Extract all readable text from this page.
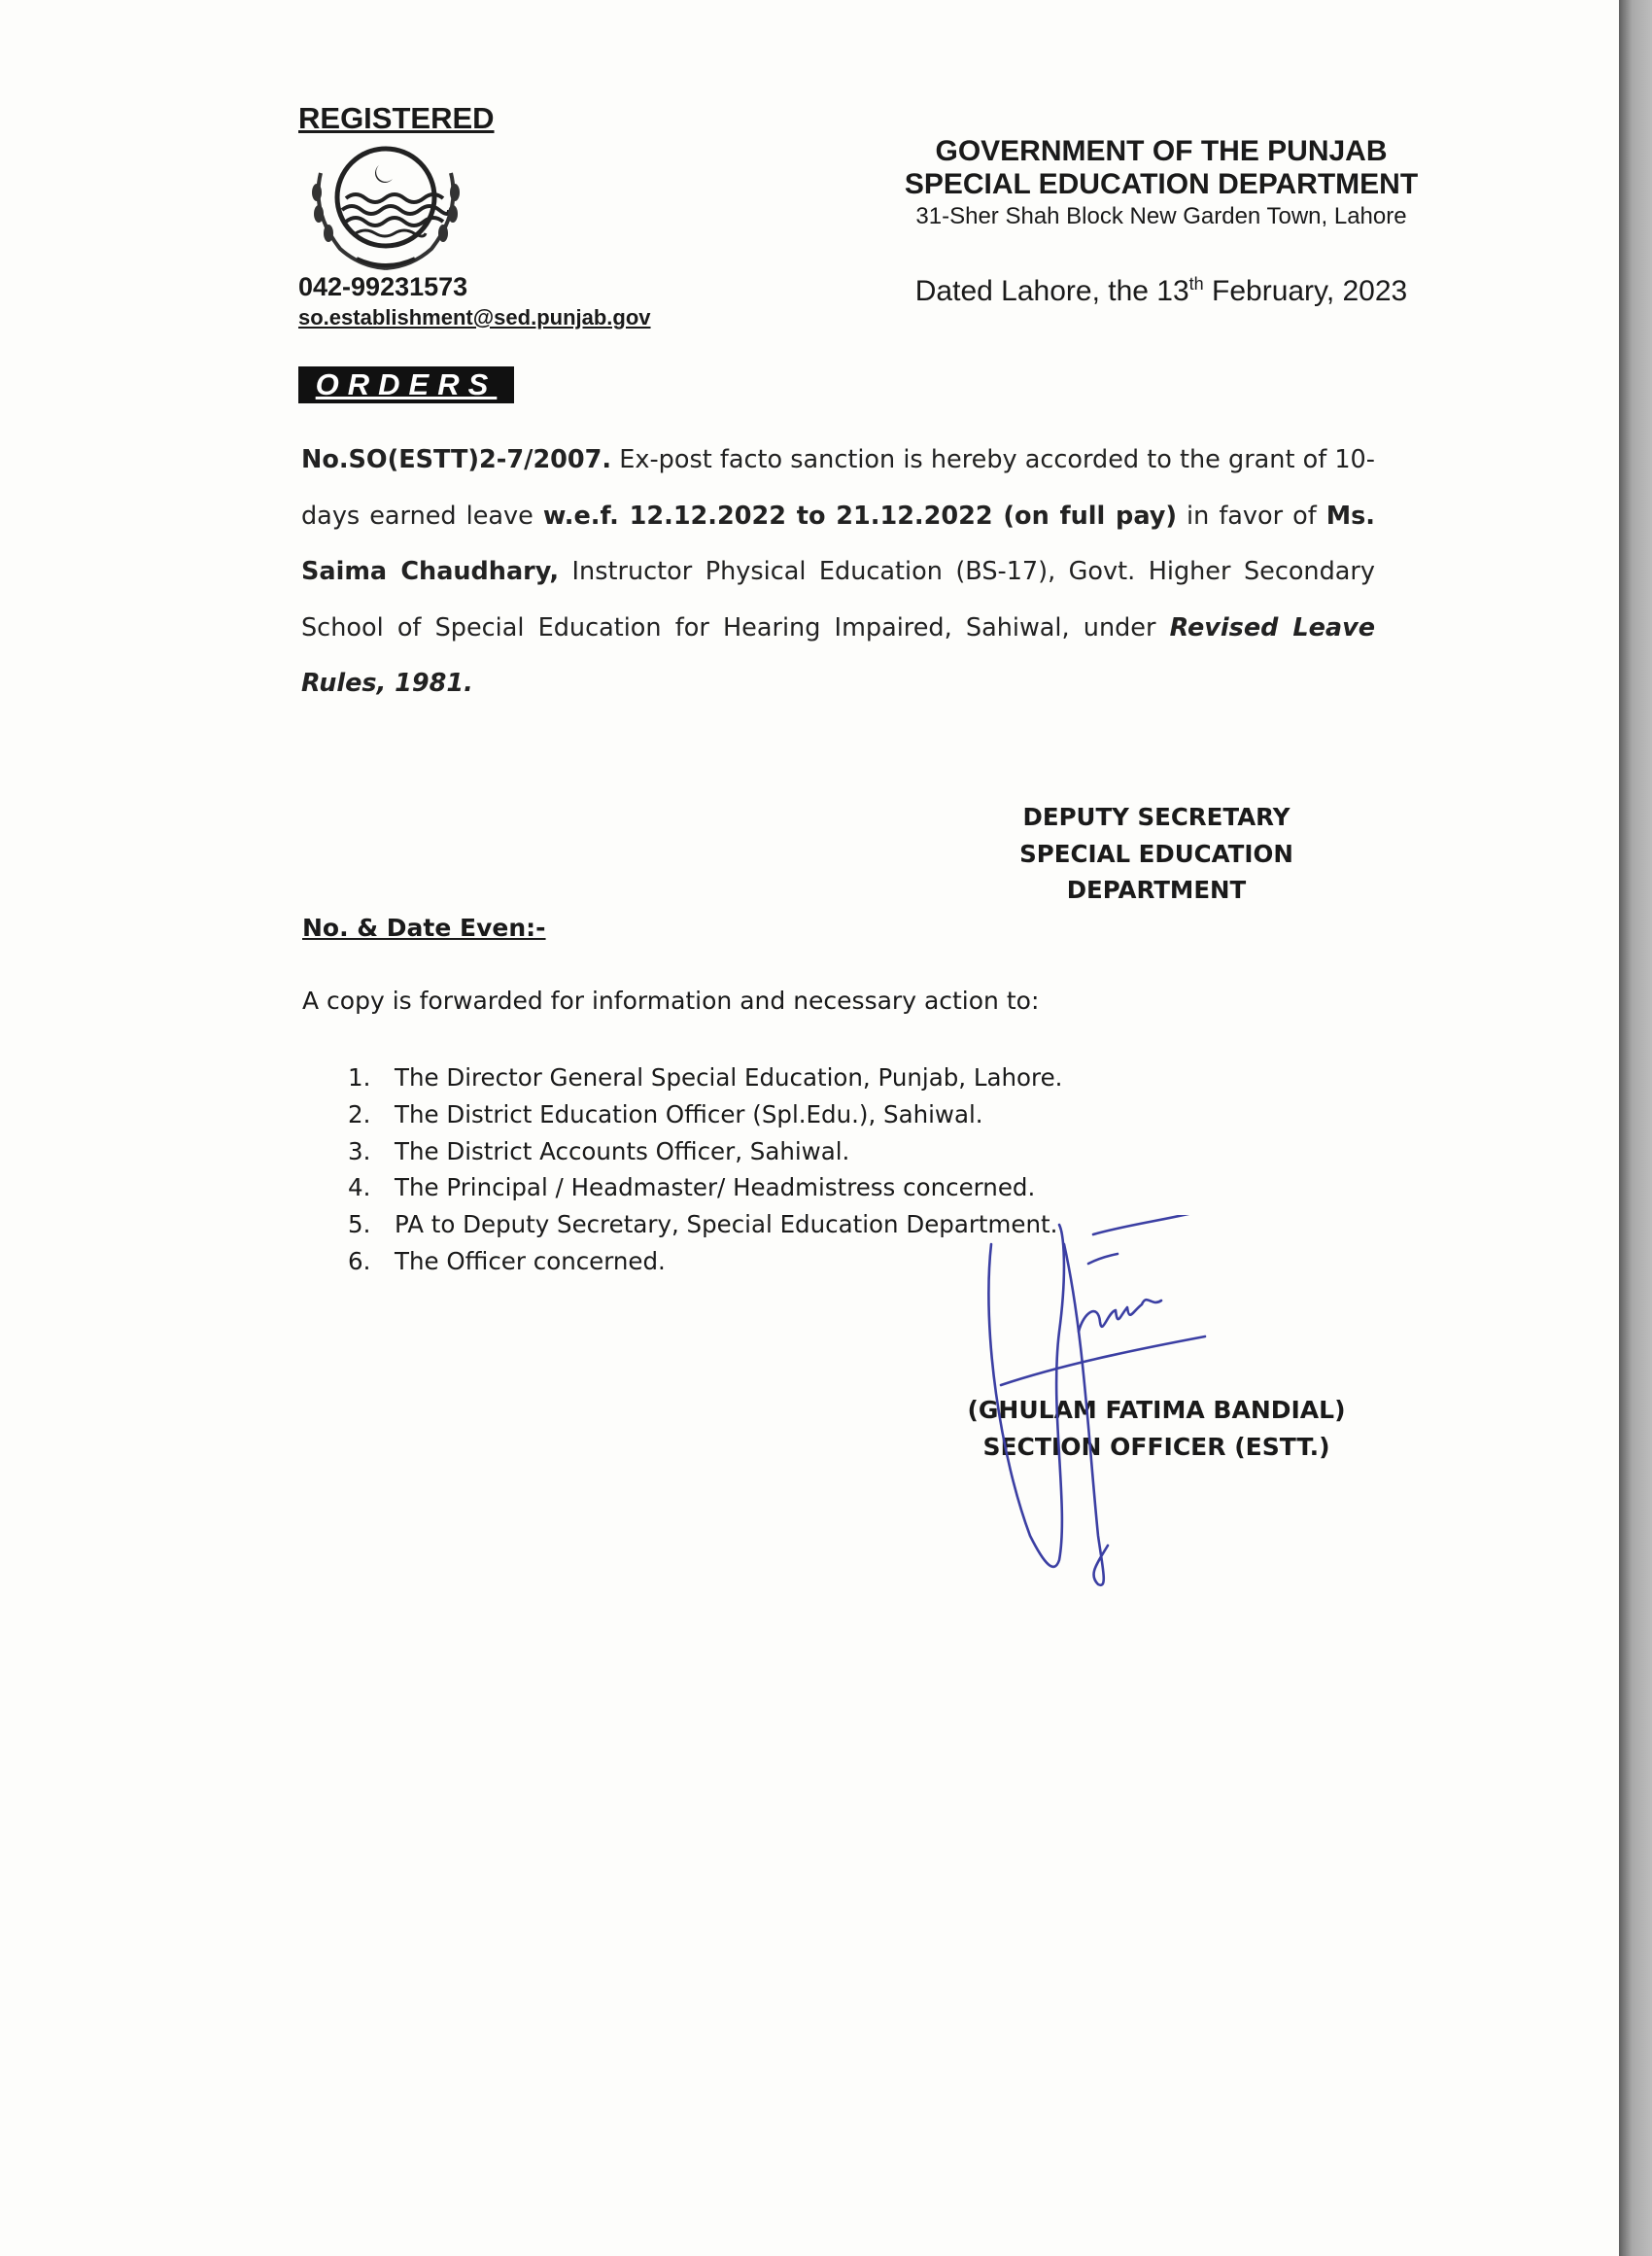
REGISTERED
042-99231573
so.establishment@sed.punjab.gov
GOVERNMENT OF THE PUNJAB
SPECIAL EDUCATION DEPARTMENT
31-Sher Shah Block New Garden Town, Lahore
Dated Lahore, the 13th February, 2023
ORDERS
No.SO(ESTT)2-7/2007. Ex-post facto sanction is hereby accorded to the grant of 10-days earned leave w.e.f. 12.12.2022 to 21.12.2022 (on full pay) in favor of Ms. Saima Chaudhary, Instructor Physical Education (BS-17), Govt. Higher Secondary School of Special Education for Hearing Impaired, Sahiwal, under Revised Leave Rules, 1981.
DEPUTY SECRETARY
SPECIAL EDUCATION
DEPARTMENT
No. & Date Even:-
A copy is forwarded for information and necessary action to:
1.	The Director General Special Education, Punjab, Lahore.
2.	The District Education Officer (Spl.Edu.), Sahiwal.
3.	The District Accounts Officer, Sahiwal.
4.	The Principal / Headmaster/ Headmistress concerned.
5.	PA to Deputy Secretary, Special Education Department.
6.	The Officer concerned.
(GHULAM FATIMA BANDIAL)
SECTION OFFICER (ESTT.)
